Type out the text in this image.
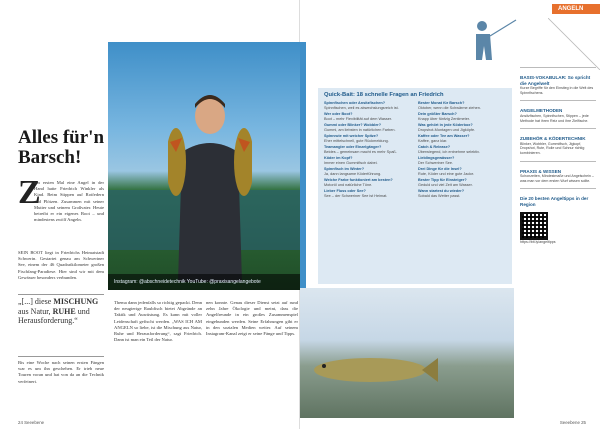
Alles für'n Barsch!
Z

um ersten Mal eine Angel in der Hand hatte Friedrich Winkler als Kind. Beim Stippen auf Rotfedern und Plötzen. Zusammen mit seiner Mutter und seinem Großvater. Heute betreibt er ein eigenes Boot – und mindestens zwölf Angeln.

SEIN BOOT liegt in Friedrichs Heimatstadt Schwerin. Gestartet genau am Schweriner See, einem der 46 Quadratkilometer großen Fischfang-Paradiese. Hier sind wir mit dem Gewässer besonders verbunden.

„[...] diese MISCHUNG aus Natur, RUHE und Herausforderung.“

Bis eine Woche nach seinen ersten Fängen war es um ihn geschehen. Er trieb neue Touren voran und hat von da an die Technik verfeinert.

Thema dann jedenfalls so richtig gepackt. Denn der neugierige Raubfisch bietet Abgründe an Taktik und Ausrüstung. Es kann mit voller Leidenschaft gefischt werden. „WAS ICH AM ANGELN so liebe, ist die Mischung aus Natur, Ruhe und Herausforderung“, sagt Friedrich. Dann ist man ein Teil der Natur.

nen konnte. Genau dieser Dienst setzt auf rund zehn Jahre Ökologie und meint, dass die Angelfreunde in ein großes Zusammenspiel eingebunden werden. Seine Erfahrungen gibt er in den sozialen Medien weiter. Auf seinem Instagram-Kanal zeigt er seine Fänge und Tipps.

Instagram: @abschneidetechnik YouTube: @praxisangelangebote
24 Seeebene	Seeebene 25
ANGELN
Quick-Bait: 18 schnelle Fragen an Friedrich
Spinnfischen oder Ansitzfischen?
Spinnfischen, weil es abwechslungsreich ist.
Wer oder Boot?
Boot – mehr Flexibilität auf dem Wasser.
Gummi oder Blinker? Wobbler?
Gummi, am liebsten in natürlichen Farben.
Spinnrute mit weicher Spitze?
Eher mittelschnell, gute Rückmeldung.
Teamangler oder Einzelgänger?
Beides – gemeinsam macht es mehr Spaß.
Köder im Kopf?
Immer einen Gummifisch dabei.
Spinnfisch im Winter?
Ja, dann langsame Köderführung.
Welche Farbe funktioniert am besten?
Motoröl und natürliche Töne.
Lieber Fluss oder See?
See – der Schweriner See ist Heimat.
Bester Monat für Barsch?
Oktober, wenn die Schwärme ziehen.
Dein größter Barsch?
Knapp über fünfzig Zentimeter.
Was gehört in jede Köderbox?
Dropshot-Montagen und Jigköpfe.
Kaffee oder Tee am Wasser?
Kaffee, ganz klar.
Catch & Release?
Überwiegend, ich entnehme selektiv.
Lieblingsgewässer?
Der Schweriner See.
Drei Dinge für die Insel?
Rute, Köder und eine gute Jacke.
Bester Tipp für Einsteiger?
Geduld und viel Zeit am Wasser.
Wann startest du wieder?
Sobald das Wetter passt.
BASIS-VOKABULAR: So spricht die Angelwelt
Kurze Begriffe für den Einstieg in die Welt des Spinnfischens.
ANGELMETHODEN
Ansitzfischen, Spinnfischen, Stippen – jede Methode hat ihren Reiz und ihre Zielfische.
ZUBEHÖR & KÖDERTECHNIK
Blinker, Wobbler, Gummifisch, Jigkopf, Dropshot, Rute, Rolle und Schnur richtig kombinieren.
PRAXIS & WISSEN
Schonzeiten, Mindestmaße und Angelschein – was man vor dem ersten Wurf wissen sollte.
Die 20 besten Angeltipps in der Region
https://bit.ly/angeltipps
